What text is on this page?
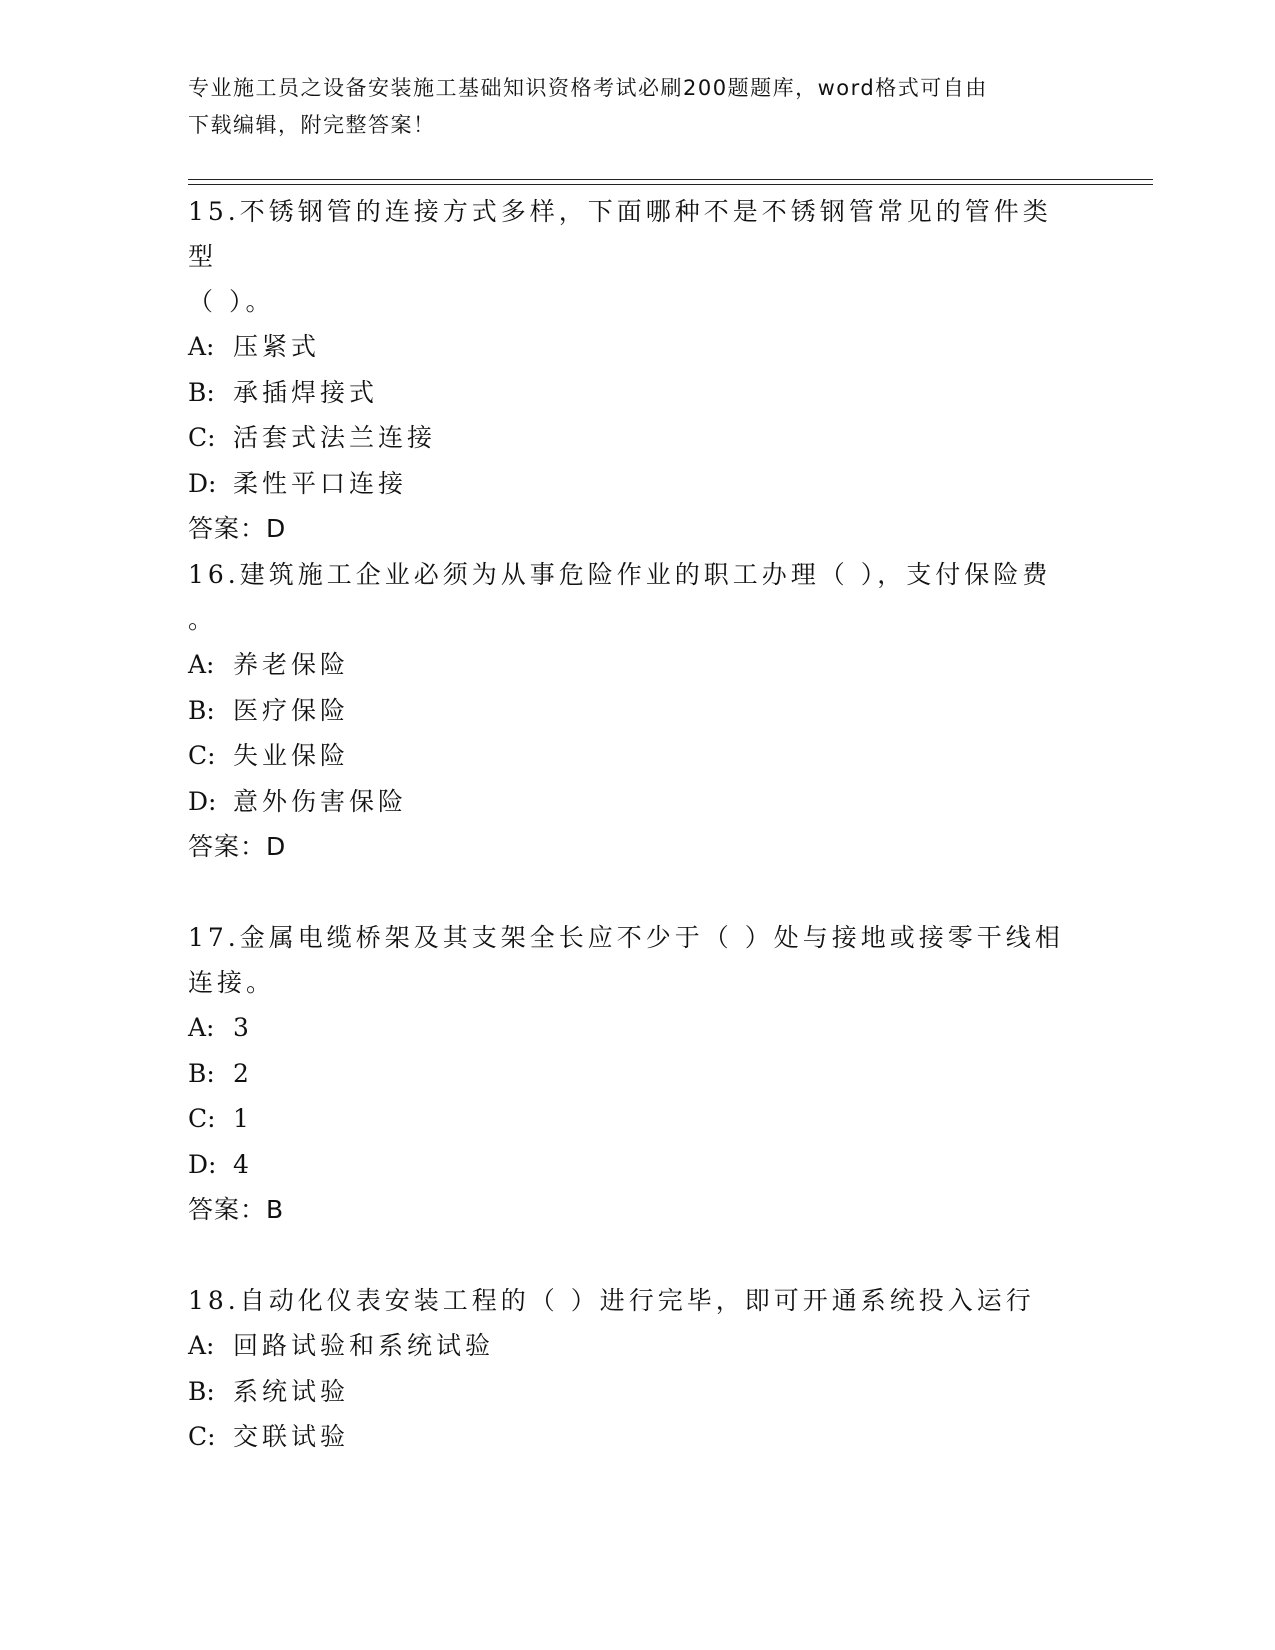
专业施工员之设备安装施工基础知识资格考试必刷200题题库，word格式可自由
下载编辑，附完整答案！
15.不锈钢管的连接方式多样，下面哪种不是不锈钢管常见的管件类型
（ ）。
A: 压紧式
B: 承插焊接式
C: 活套式法兰连接
D: 柔性平口连接
答案：D
16.建筑施工企业必须为从事危险作业的职工办理（ ），支付保险费
。
A: 养老保险
B: 医疗保险
C: 失业保险
D: 意外伤害保险
答案：D
17.金属电缆桥架及其支架全长应不少于（ ）处与接地或接零干线相
连接。
A: 3
B: 2
C: 1
D: 4
答案：B
18.自动化仪表安装工程的（ ）进行完毕，即可开通系统投入运行
A: 回路试验和系统试验
B: 系统试验
C: 交联试验
